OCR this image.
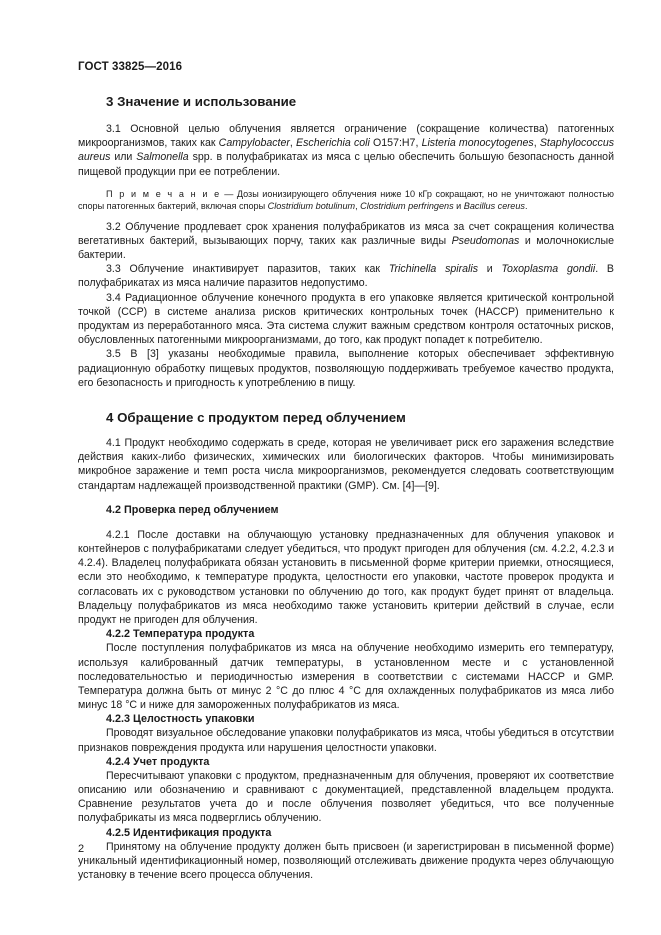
ГОСТ 33825—2016
3 Значение и использование

3.1 Основной целью облучения является ограничение (сокращение количества) патогенных микроорганизмов, таких как Campylobacter, Escherichia coli O157:H7, Listeria monocytogenes, Staphylococcus aureus или Salmonella spp. в полуфабрикатах из мяса с целью обеспечить большую безопасность данной пищевой продукции при ее потреблении.

П р и м е ч а н и е — Дозы ионизирующего облучения ниже 10 кГр сокращают, но не уничтожают полностью споры патогенных бактерий, включая споры Clostridium botulinum, Clostridium perfringens и Bacillus cereus.

3.2 Облучение продлевает срок хранения полуфабрикатов из мяса за счет сокращения количества вегетативных бактерий, вызывающих порчу, таких как различные виды Pseudomonas и молочнокислые бактерии.

3.3 Облучение инактивирует паразитов, таких как Trichinella spiralis и Toxoplasma gondii. В полуфабрикатах из мяса наличие паразитов недопустимо.

3.4 Радиационное облучение конечного продукта в его упаковке является критической контрольной точкой (ССР) в системе анализа рисков критических контрольных точек (НАССР) применительно к продуктам из переработанного мяса. Эта система служит важным средством контроля остаточных рисков, обусловленных патогенными микроорганизмами, до того, как продукт попадет к потребителю.

3.5 В [3] указаны необходимые правила, выполнение которых обеспечивает эффективную радиационную обработку пищевых продуктов, позволяющую поддерживать требуемое качество продукта, его безопасность и пригодность к употреблению в пищу.

4 Обращение с продуктом перед облучением

4.1 Продукт необходимо содержать в среде, которая не увеличивает риск его заражения вследствие действия каких-либо физических, химических или биологических факторов. Чтобы минимизировать микробное заражение и темп роста числа микроорганизмов, рекомендуется следовать соответствующим стандартам надлежащей производственной практики (GMP). См. [4]—[9].

4.2 Проверка перед облучением

4.2.1 После доставки на облучающую установку предназначенных для облучения упаковок и контейнеров с полуфабрикатами следует убедиться, что продукт пригоден для облучения (см. 4.2.2, 4.2.3 и 4.2.4). Владелец полуфабриката обязан установить в письменной форме критерии приемки, относящиеся, если это необходимо, к температуре продукта, целостности его упаковки, частоте проверок продукта и согласовать их с руководством установки по облучению до того, как продукт будет принят от владельца. Владельцу полуфабрикатов из мяса необходимо также установить критерии действий в случае, если продукт не пригоден для облучения.

4.2.2 Температура продукта

После поступления полуфабрикатов из мяса на облучение необходимо измерить его температуру, используя калиброванный датчик температуры, в установленном месте и с установленной последовательностью и периодичностью измерения в соответствии с системами НАССР и GMP. Температура должна быть от минус 2 °С до плюс 4 °С для охлажденных полуфабрикатов из мяса либо минус 18 °С и ниже для замороженных полуфабрикатов из мяса.

4.2.3 Целостность упаковки

Проводят визуальное обследование упаковки полуфабрикатов из мяса, чтобы убедиться в отсутствии признаков повреждения продукта или нарушения целостности упаковки.

4.2.4 Учет продукта

Пересчитывают упаковки с продуктом, предназначенным для облучения, проверяют их соответствие описанию или обозначению и сравнивают с документацией, представленной владельцем продукта. Сравнение результатов учета до и после облучения позволяет убедиться, что все полученные полуфабрикаты из мяса подверглись облучению.

4.2.5 Идентификация продукта

Принятому на облучение продукту должен быть присвоен (и зарегистрирован в письменной форме) уникальный идентификационный номер, позволяющий отслеживать движение продукта через облучающую установку в течение всего процесса облучения.

2
